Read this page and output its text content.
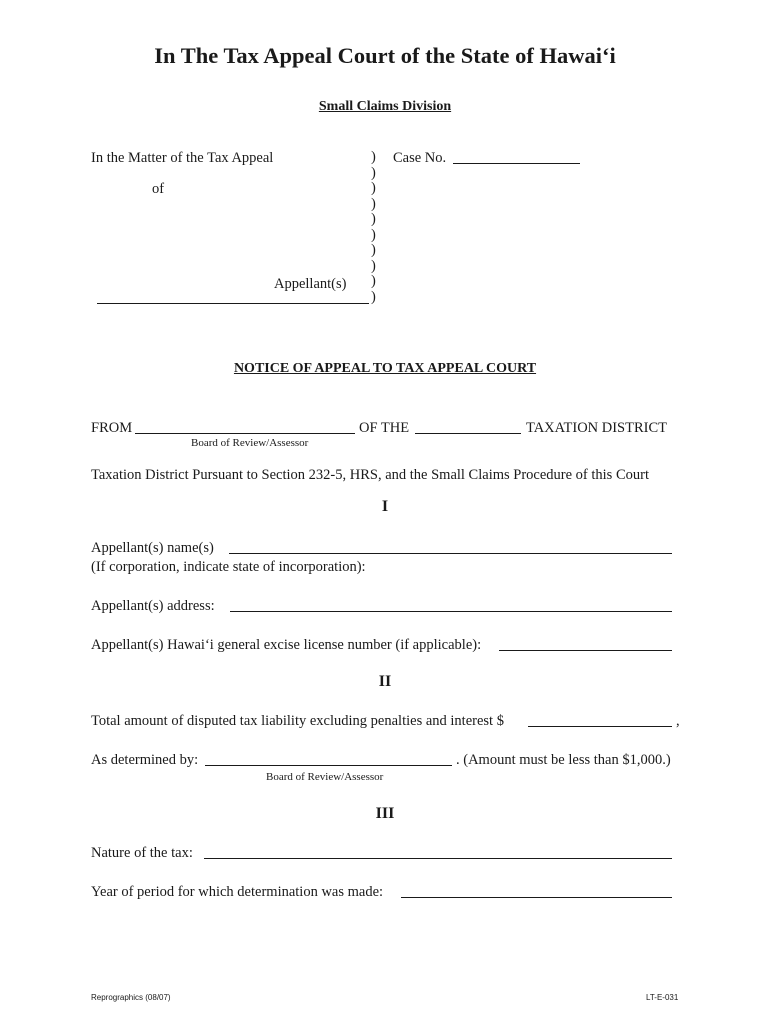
In The Tax Appeal Court of the State of Hawai‘i
Small Claims Division
In the Matter of the Tax Appeal
of
Appellant(s)
)
)
)
)
)
)
)
)
)
)
Case No.
NOTICE OF APPEAL TO TAX APPEAL COURT
FROM	OF THE	TAXATION DISTRICT
Board of Review/Assessor
Taxation District Pursuant to Section 232-5, HRS, and the Small Claims Procedure of this Court
I
Appellant(s) name(s)
(If corporation, indicate state of incorporation):
Appellant(s) address:
Appellant(s) Hawai‘i general excise license number (if applicable):
II
Total amount of disputed tax liability excluding penalties and interest $	,
As determined by:	. (Amount must be less than $1,000.)
Board of Review/Assessor
III
Nature of the tax:
Year of period for which determination was made:
Reprographics (08/07)	LT-E-031
